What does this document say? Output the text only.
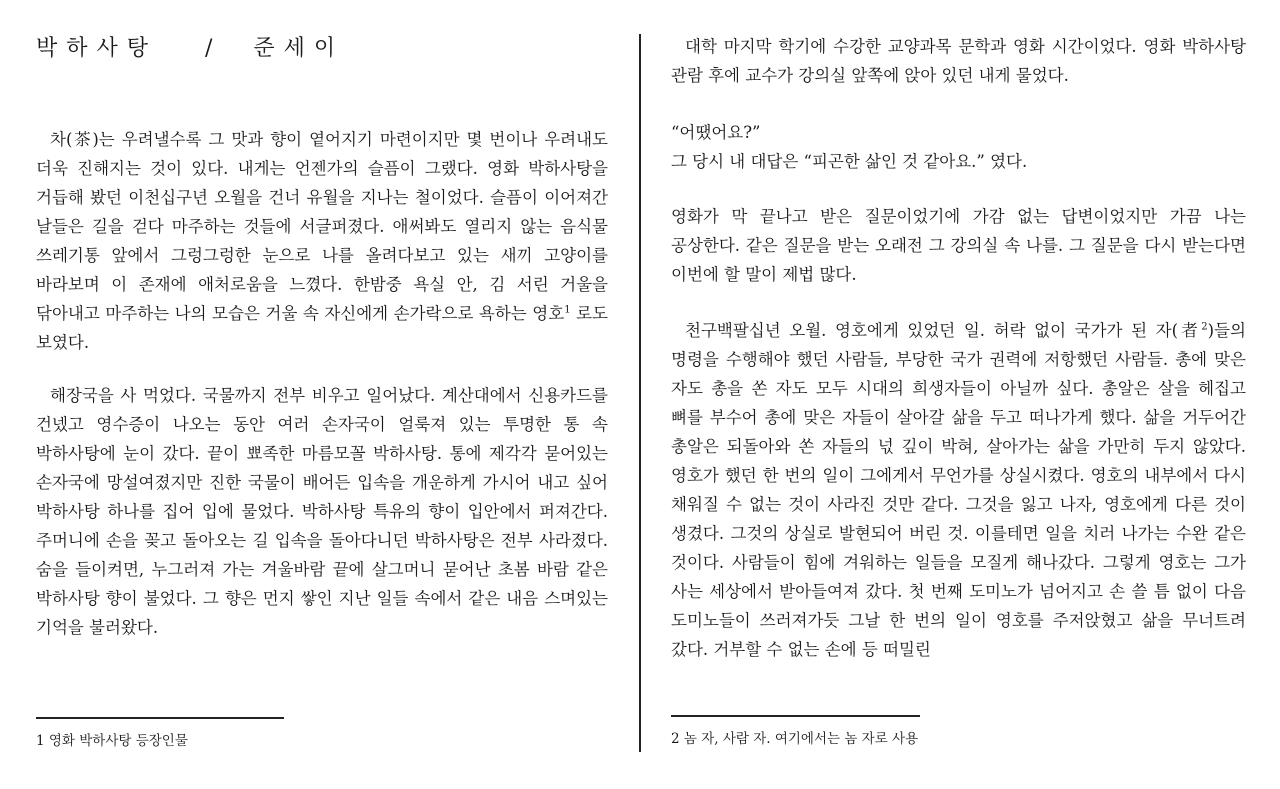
박하사탕   /  준세이

차(茶)는 우려낼수록 그 맛과 향이 옅어지기 마련이지만 몇 번이나 우려내도 더욱 진해지는 것이 있다. 내게는 언젠가의 슬픔이 그랬다. 영화 박하사탕을 거듭해 봤던 이천십구년 오월을 건너 유월을 지나는 철이었다. 슬픔이 이어져간 날들은 길을 걷다 마주하는 것들에 서글퍼졌다. 애써봐도 열리지 않는 음식물 쓰레기통 앞에서 그렁그렁한 눈으로 나를 올려다보고 있는 새끼 고양이를 바라보며 이 존재에 애처로움을 느꼈다. 한밤중 욕실 안, 김 서린 거울을 닦아내고 마주하는 나의 모습은 거울 속 자신에게 손가락으로 욕하는 영호$^1$ 로도 보였다.

해장국을 사 먹었다. 국물까지 전부 비우고 일어났다. 계산대에서 신용카드를 건넸고 영수증이 나오는 동안 여러 손자국이 얼룩져 있는 투명한 통 속 박하사탕에 눈이 갔다. 끝이 뾰족한 마름모꼴 박하사탕. 통에 제각각 묻어있는 손자국에 망설여졌지만 진한 국물이 배어든 입속을 개운하게 가시어 내고 싶어 박하사탕 하나를 집어 입에 물었다. 박하사탕 특유의 향이 입안에서 퍼져간다. 주머니에 손을 꽂고 돌아오는 길 입속을 돌아다니던 박하사탕은 전부 사라졌다. 숨을 들이켜면, 누그러져 가는 겨울바람 끝에 살그머니 묻어난 초봄 바람 같은 박하사탕 향이 불었다. 그 향은 먼지 쌓인 지난 일들 속에서 같은 내음 스며있는 기억을 불러왔다.

1 영화 박하사탕 등장인물

대학 마지막 학기에 수강한 교양과목 문학과 영화 시간이었다. 영화 박하사탕 관람 후에 교수가 강의실 앞쪽에 앉아 있던 내게 물었다.

“어땠어요?”
그 당시 내 대답은 “피곤한 삶인 것 같아요.” 였다.

영화가 막 끝나고 받은 질문이었기에 가감 없는 답변이었지만 가끔 나는 공상한다. 같은 질문을 받는 오래전 그 강의실 속 나를. 그 질문을 다시 받는다면 이번에 할 말이 제법 많다.

천구백팔십년 오월. 영호에게 있었던 일. 허락 없이 국가가 된 자(者$^2$)들의 명령을 수행해야 했던 사람들, 부당한 국가 권력에 저항했던 사람들. 총에 맞은 자도 총을 쏜 자도 모두 시대의 희생자들이 아닐까 싶다. 총알은 살을 헤집고 뼈를 부수어 총에 맞은 자들이 살아갈 삶을 두고 떠나가게 했다. 삶을 거두어간 총알은 되돌아와 쏜 자들의 넋 깊이 박혀, 살아가는 삶을 가만히 두지 않았다. 영호가 했던 한 번의 일이 그에게서 무언가를 상실시켰다. 영호의 내부에서 다시 채워질 수 없는 것이 사라진 것만 같다. 그것을 잃고 나자, 영호에게 다른 것이 생겼다. 그것의 상실로 발현되어 버린 것. 이를테면 일을 치러 나가는 수완 같은 것이다. 사람들이 힘에 겨워하는 일들을 모질게 해나갔다. 그렇게 영호는 그가 사는 세상에서 받아들여져 갔다. 첫 번째 도미노가 넘어지고 손 쓸 틈 없이 다음 도미노들이 쓰러져가듯 그날 한 번의 일이 영호를 주저앉혔고 삶을 무너트려 갔다. 거부할 수 없는 손에 등 떠밀린

2 놈 자, 사람 자. 여기에서는 놈 자로 사용
